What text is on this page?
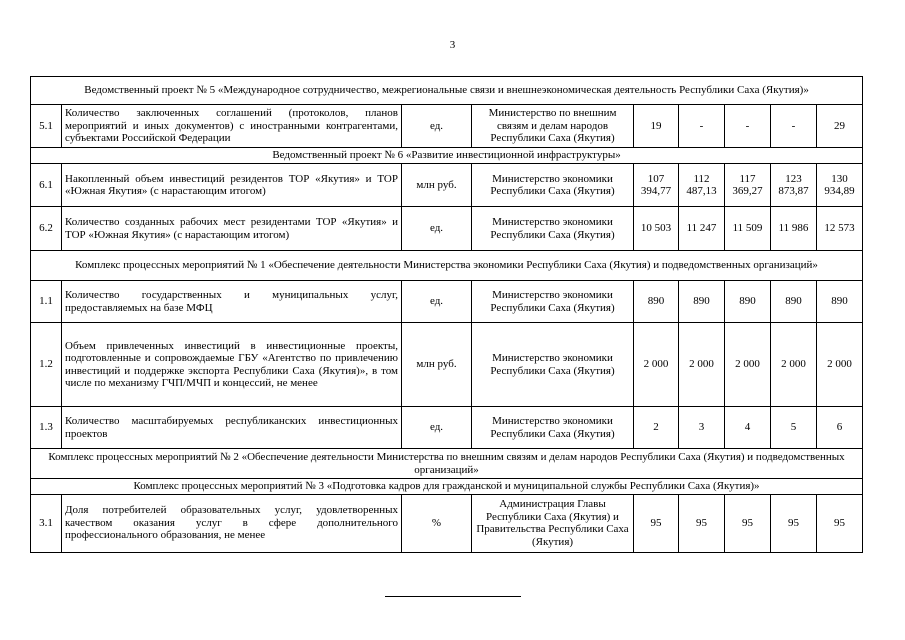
3
Ведомственный проект № 5 «Международное сотрудничество, межрегиональные связи и внешнеэкономическая деятельность Республики Саха (Якутия)»								
5.1	Количество заключенных соглашений (протоколов, планов мероприятий и иных документов) с иностранными контрагентами, субъектами Российской Федерации	ед.	Министерство по внешним связям и делам народов Республики Саха (Якутия)	19	-	-	-	29
Ведомственный проект № 6 «Развитие инвестиционной инфраструктуры»								
6.1	Накопленный объем инвестиций резидентов ТОР «Якутия» и ТОР «Южная Якутия» (с нарастающим итогом)	млн руб.	Министерство экономики Республики Саха (Якутия)	107 394,77	112 487,13	117 369,27	123 873,87	130 934,89
6.2	Количество созданных рабочих мест резидентами ТОР «Якутия» и ТОР «Южная Якутия» (с нарастающим итогом)	ед.	Министерство экономики Республики Саха (Якутия)	10 503	11 247	11 509	11 986	12 573
Комплекс процессных мероприятий № 1 «Обеспечение деятельности Министерства экономики Республики Саха (Якутия) и подведомственных организаций»								
1.1	Количество государственных и муниципальных услуг, предоставляемых на базе МФЦ	ед.	Министерство экономики Республики Саха (Якутия)	890	890	890	890	890
1.2	Объем привлеченных инвестиций в инвестиционные проекты, подготовленные и сопровождаемые ГБУ «Агентство по привлечению инвестиций и поддержке экспорта Республики Саха (Якутия)», в том числе по механизму ГЧП/МЧП и концессий, не менее	млн руб.	Министерство экономики Республики Саха (Якутия)	2 000	2 000	2 000	2 000	2 000
1.3	Количество масштабируемых республиканских инвестиционных проектов	ед.	Министерство экономики Республики Саха (Якутия)	2	3	4	5	6
Комплекс процессных мероприятий № 2 «Обеспечение деятельности Министерства по внешним связям и делам народов Республики Саха (Якутия) и подведомственных организаций»								
Комплекс процессных мероприятий № 3 «Подготовка кадров для гражданской и муниципальной службы Республики Саха (Якутия)»								
3.1	Доля потребителей образовательных услуг, удовлетворенных качеством оказания услуг в сфере дополнительного профессионального образования, не менее	%	Администрация Главы Республики Саха (Якутия) и Правительства Республики Саха (Якутия)	95	95	95	95	95
